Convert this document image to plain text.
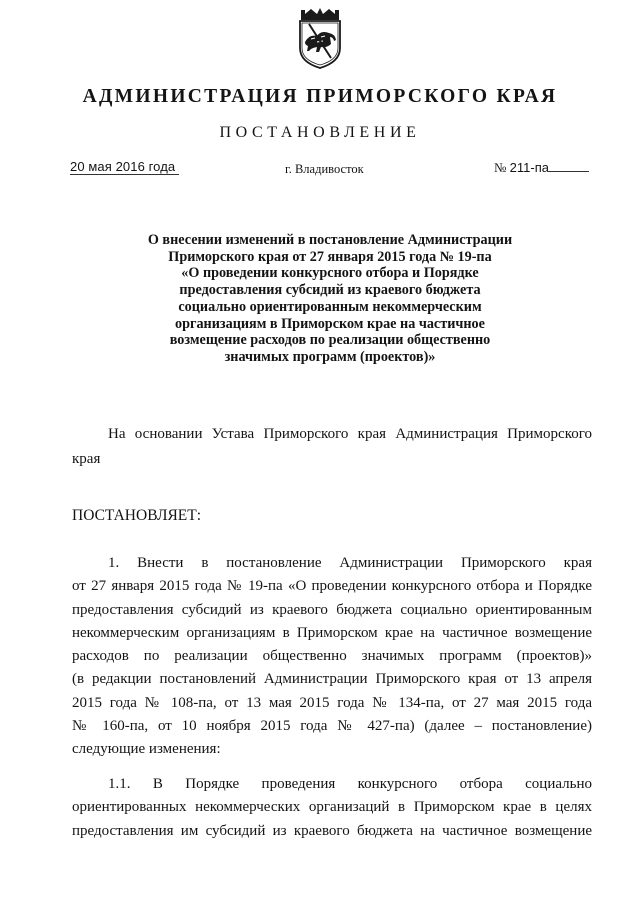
АДМИНИСТРАЦИЯ ПРИМОРСКОГО КРАЯ
ПОСТАНОВЛЕНИЕ
20 мая 2016 года	г. Владивосток	№ 211-па
О внесении изменений в постановление Администрации
Приморского края от 27 января 2015 года № 19-па
«О проведении конкурсного отбора и Порядке
предоставления субсидий из краевого бюджета
социально ориентированным некоммерческим
организациям в Приморском крае на частичное
возмещение расходов по реализации общественно
значимых программ (проектов)»
На основании Устава Приморского края Администрация Приморского
края
ПОСТАНОВЛЯЕТ:
1. Внести в постановление Администрации Приморского края
от 27 января 2015 года № 19-па «О проведении конкурсного отбора и Порядке
предоставления субсидий из краевого бюджета социально ориентированным
некоммерческим организациям в Приморском крае на частичное возмещение
расходов по реализации общественно значимых программ (проектов)»
(в редакции постановлений Администрации Приморского края от 13 апреля
2015 года № 108-па, от 13 мая 2015 года № 134-па, от 27 мая 2015 года
№ 160-па, от 10 ноября 2015 года № 427-па) (далее – постановление)
следующие изменения:
1.1. В Порядке проведения конкурсного отбора социально
ориентированных некоммерческих организаций в Приморском крае в целях
предоставления им субсидий из краевого бюджета на частичное возмещение
